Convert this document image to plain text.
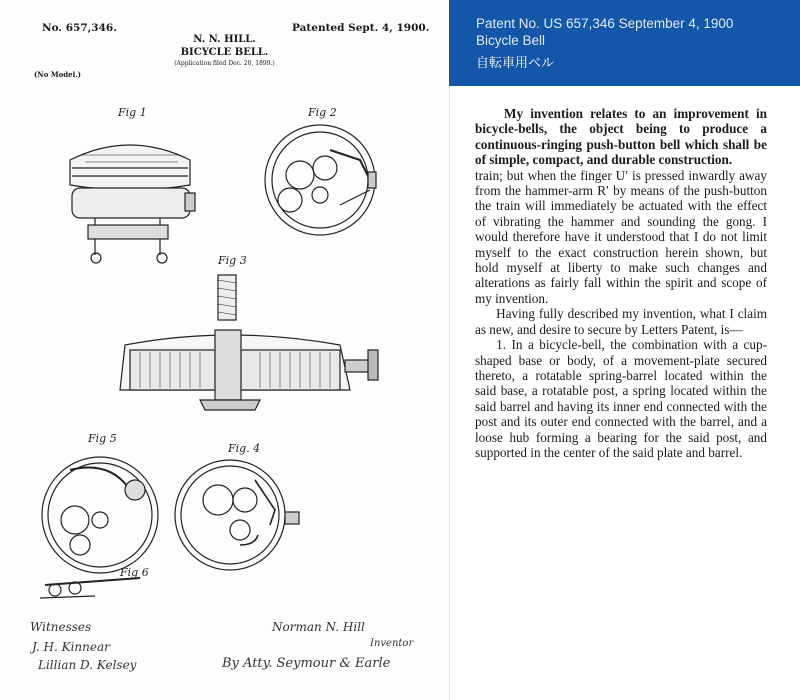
No. 657,346.	Patented Sept. 4, 1900.
N. N. HILL.
BICYCLE BELL.
(Application filed Dec. 20, 1899.)
(No Model.)
Fig 1	Fig 2
Fig 3
Fig 5
Fig. 4
Fig 6
Witnesses
J. H. Kinnear
Lillian D. Kelsey
Norman N. Hill
Inventor
By Atty. Seymour & Earle
Patent No. US 657,346 September 4, 1900
Bicycle Bell
自転車用ベル

My invention relates to an improvement in bicycle-bells, the object being to produce a continuous-ringing push-button bell which shall be of simple, compact, and durable construction.

train; but when the finger U′ is pressed inwardly away from the hammer-arm R′ by means of the push-button the train will immediately be actuated with the effect of vibrating the hammer and sounding the gong. I would therefore have it understood that I do not limit myself to the exact construction herein shown, but hold myself at liberty to make such changes and alterations as fairly fall within the spirit and scope of my invention.

Having fully described my invention, what I claim as new, and desire to secure by Letters Patent, is—

1. In a bicycle-bell, the combination with a cup-shaped base or body, of a movement-plate secured thereto, a rotatable spring-barrel located within the said base, a rotatable post, a spring located within the said barrel and having its inner end connected with the post and its outer end connected with the barrel, and a loose hub forming a bearing for the said post, and supported in the center of the said plate and barrel.
